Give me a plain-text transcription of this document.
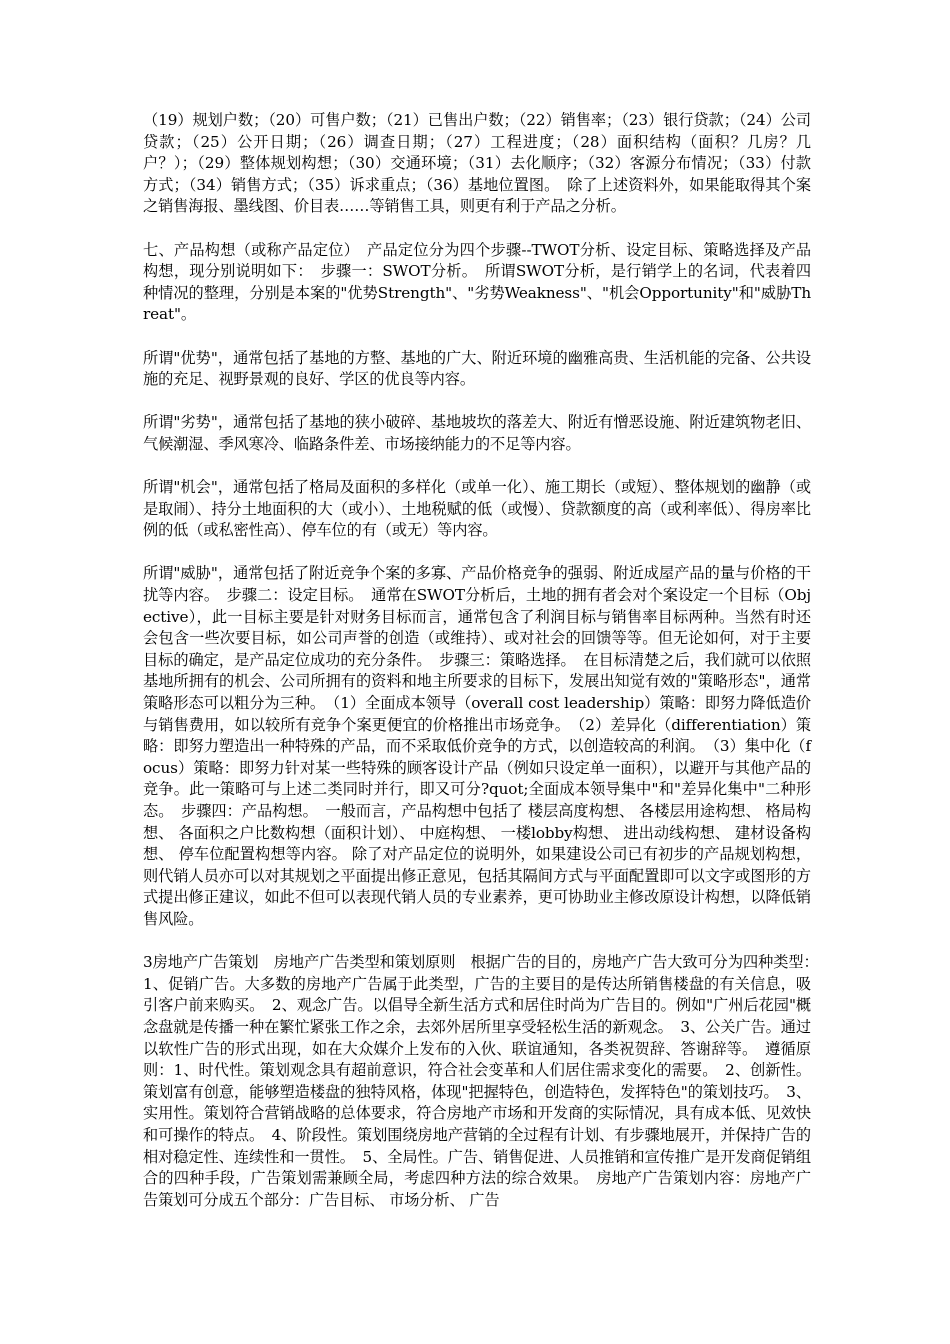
（19）规划户数；（20）可售户数；（21）已售出户数；（22）销售率；（23）银行贷款；（24）公司贷款；（25）公开日期；（26）调查日期；（27）工程进度；（28）面积结构（面积？几房？几户？）；（29）整体规划构想；（30）交通环境；（31）去化顺序；（32）客源分布情况；（33）付款方式；（34）销售方式；（35）诉求重点；（36）基地位置图。　除了上述资料外，如果能取得其个案之销售海报、墨线图、价目表……等销售工具，则更有利于产品之分析。

七、产品构想（或称产品定位）　产品定位分为四个步骤--TWOT分析、设定目标、策略选择及产品构想，现分别说明如下：　步骤一：SWOT分析。　所谓SWOT分析，是行销学上的名词，代表着四种情况的整理，分别是本案的"优势Strength"、"劣势Weakness"、"机会Opportunity"和"威胁Threat"。

所谓"优势"，通常包括了基地的方整、基地的广大、附近环境的幽雅高贵、生活机能的完备、公共设施的充足、视野景观的良好、学区的优良等内容。

所谓"劣势"，通常包括了基地的狭小破碎、基地坡坎的落差大、附近有憎恶设施、附近建筑物老旧、气候潮湿、季风寒冷、临路条件差、市场接纳能力的不足等内容。

所谓"机会"，通常包括了格局及面积的多样化（或单一化）、施工期长（或短）、整体规划的幽静（或是取闹）、持分土地面积的大（或小）、土地税赋的低（或慢）、贷款额度的高（或利率低）、得房率比例的低（或私密性高）、停车位的有（或无）等内容。

所谓"威胁"，通常包括了附近竞争个案的多寡、产品价格竞争的强弱、附近成屋产品的量与价格的干扰等内容。　步骤二：设定目标。　通常在SWOT分析后，土地的拥有者会对个案设定一个目标（Objective），此一目标主要是针对财务目标而言，通常包含了利润目标与销售率目标两种。当然有时还会包含一些次要目标，如公司声誉的创造（或维持）、或对社会的回馈等等。但无论如何，对于主要目标的确定，是产品定位成功的充分条件。　步骤三：策略选择。　在目标清楚之后，我们就可以依照基地所拥有的机会、公司所拥有的资料和地主所要求的目标下，发展出知觉有效的"策略形态"，通常策略形态可以粗分为三种。　（1）全面成本领导（overall cost leadership）策略：即努力降低造价与销售费用，如以较所有竞争个案更便宜的价格推出市场竞争。　（2）差异化（differentiation）策略：即努力塑造出一种特殊的产品，而不采取低价竞争的方式，以创造较高的利润。　（3）集中化（focus）策略：即努力针对某一些特殊的顾客设计产品（例如只设定单一面积），以避开与其他产品的竞争。此一策略可与上述二类同时并行，即又可分?quot;全面成本领导集中"和"差异化集中"二种形态。　步骤四：产品构想。　一般而言，产品构想中包括了 楼层高度构想、 各楼层用途构想、 格局构想、 各面积之户比数构想（面积计划）、 中庭构想、 一楼lobby构想、 进出动线构想、 建材设备构想、 停车位配置构想等内容。 除了对产品定位的说明外，如果建设公司已有初步的产品规划构想，则代销人员亦可以对其规划之平面提出修正意见，包括其隔间方式与平面配置即可以文字或图形的方式提出修正建议，如此不但可以表现代销人员的专业素养，更可协助业主修改原设计构想，以降低销售风险。

3房地产广告策划　房地产广告类型和策划原则　根据广告的目的，房地产广告大致可分为四种类型：　1、促销广告。大多数的房地产广告属于此类型，广告的主要目的是传达所销售楼盘的有关信息，吸引客户前来购买。　2、观念广告。以倡导全新生活方式和居住时尚为广告目的。例如"广州后花园"概念盘就是传播一种在繁忙紧张工作之余，去郊外居所里享受轻松生活的新观念。　3、公关广告。通过以软性广告的形式出现，如在大众媒介上发布的入伙、联谊通知，各类祝贺辞、答谢辞等。　遵循原则：1、时代性。策划观念具有超前意识，符合社会变革和人们居住需求变化的需要。　2、创新性。策划富有创意，能够塑造楼盘的独特风格，体现"把握特色，创造特色，发挥特色"的策划技巧。　3、实用性。策划符合营销战略的总体要求，符合房地产市场和开发商的实际情况，具有成本低、见效快和可操作的特点。　4、阶段性。策划围绕房地产营销的全过程有计划、有步骤地展开，并保持广告的相对稳定性、连续性和一贯性。　5、全局性。广告、销售促进、人员推销和宣传推广是开发商促销组合的四种手段，广告策划需兼顾全局，考虑四种方法的综合效果。　房地产广告策划内容：房地产广告策划可分成五个部分：广告目标、 市场分析、 广告
